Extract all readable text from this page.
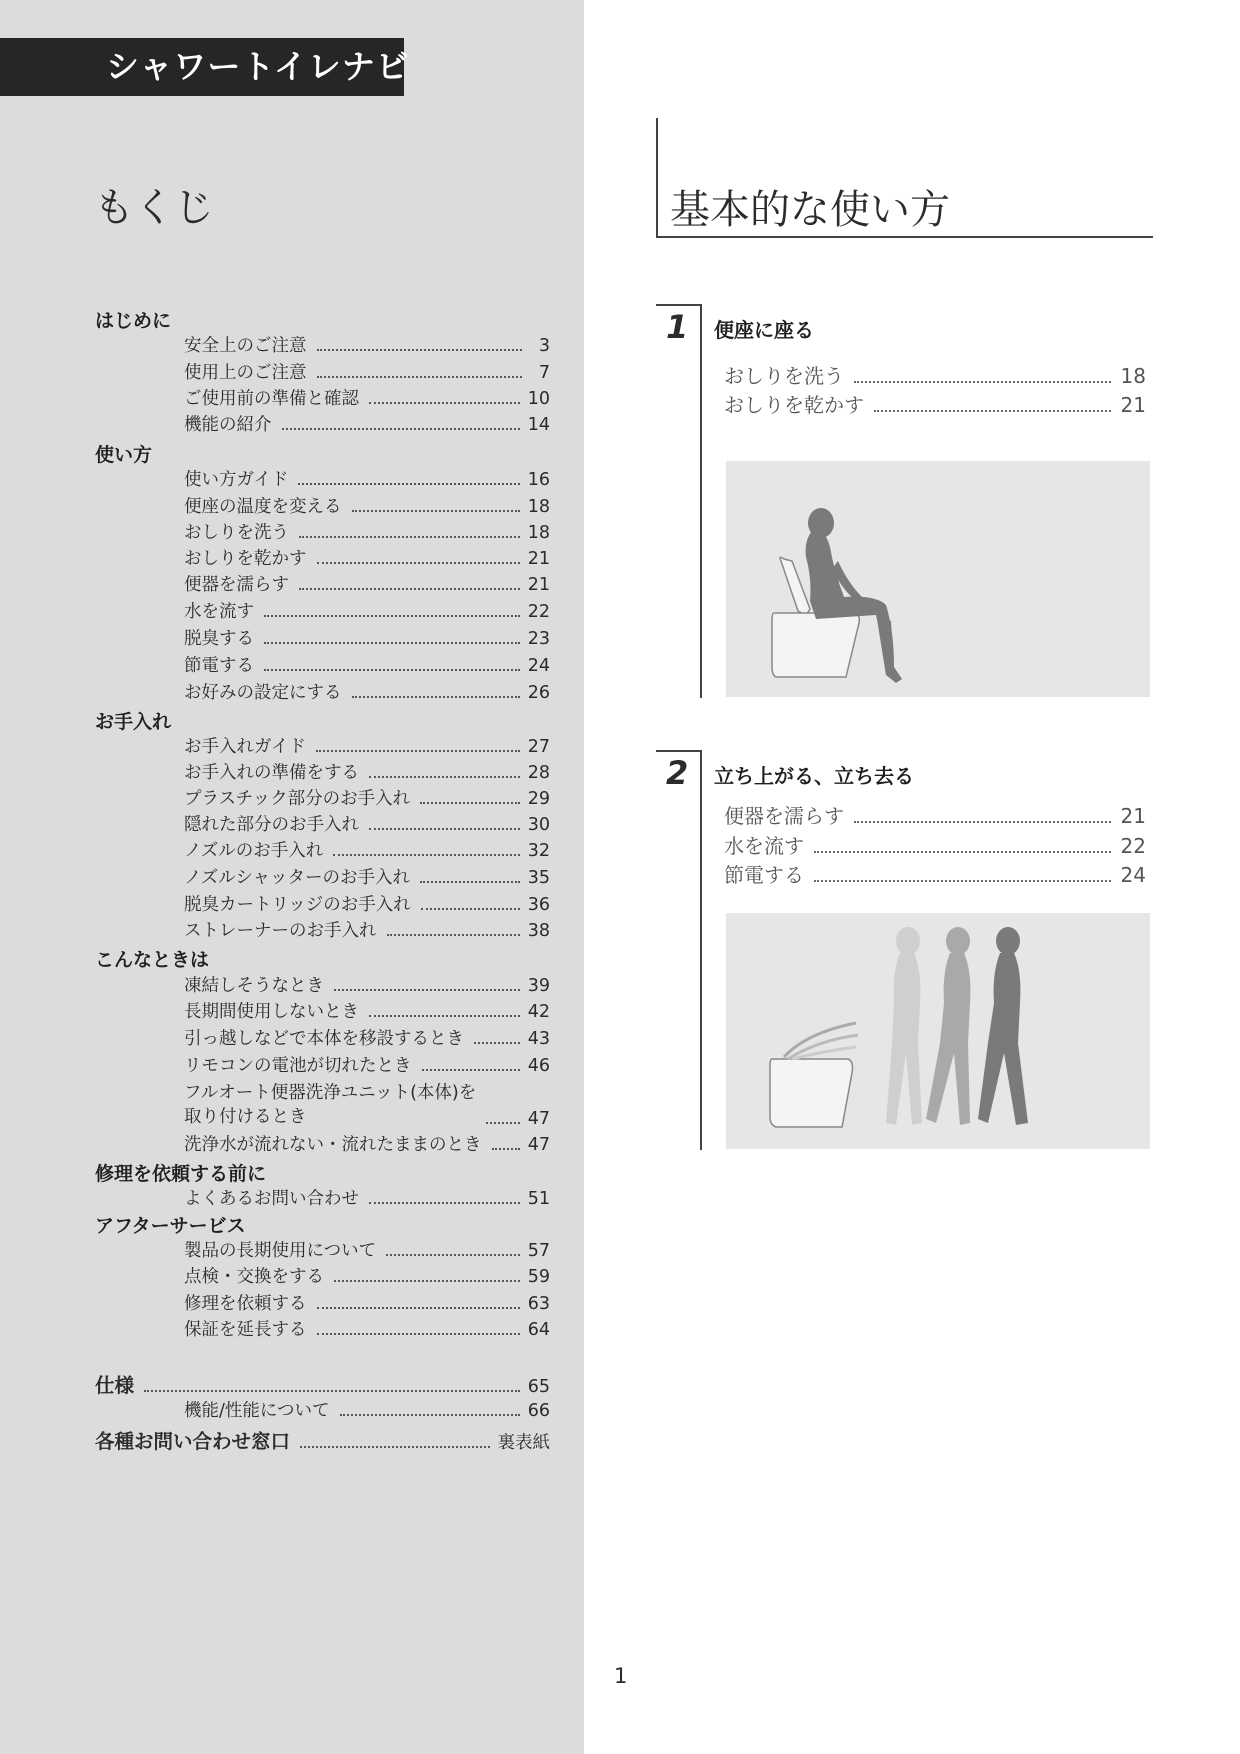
シャワートイレナビ
もくじ
はじめに
安全上のご注意	3
使用上のご注意	7
ご使用前の準備と確認	10
機能の紹介	14
使い方
使い方ガイド	16
便座の温度を変える	18
おしりを洗う	18
おしりを乾かす	21
便器を濡らす	21
水を流す	22
脱臭する	23
節電する	24
お好みの設定にする	26
お手入れ
お手入れガイド	27
お手入れの準備をする	28
プラスチック部分のお手入れ	29
隠れた部分のお手入れ	30
ノズルのお手入れ	32
ノズルシャッターのお手入れ	35
脱臭カートリッジのお手入れ	36
ストレーナーのお手入れ	38
こんなときは
凍結しそうなとき	39
長期間使用しないとき	42
引っ越しなどで本体を移設するとき	43
リモコンの電池が切れたとき	46
フルオート便器洗浄ユニット(本体)を
取り付けるとき	47
洗浄水が流れない・流れたままのとき	47
修理を依頼する前に
よくあるお問い合わせ	51
アフターサービス
製品の長期使用について	57
点検・交換をする	59
修理を依頼する	63
保証を延長する	64
仕様	65
機能/性能について	66
各種お問い合わせ窓口	裏表紙
基本的な使い方
1 便座に座る
おしりを洗う	18
おしりを乾かす	21
2 立ち上がる、立ち去る
便器を濡らす	21
水を流す	22
節電する	24
1
